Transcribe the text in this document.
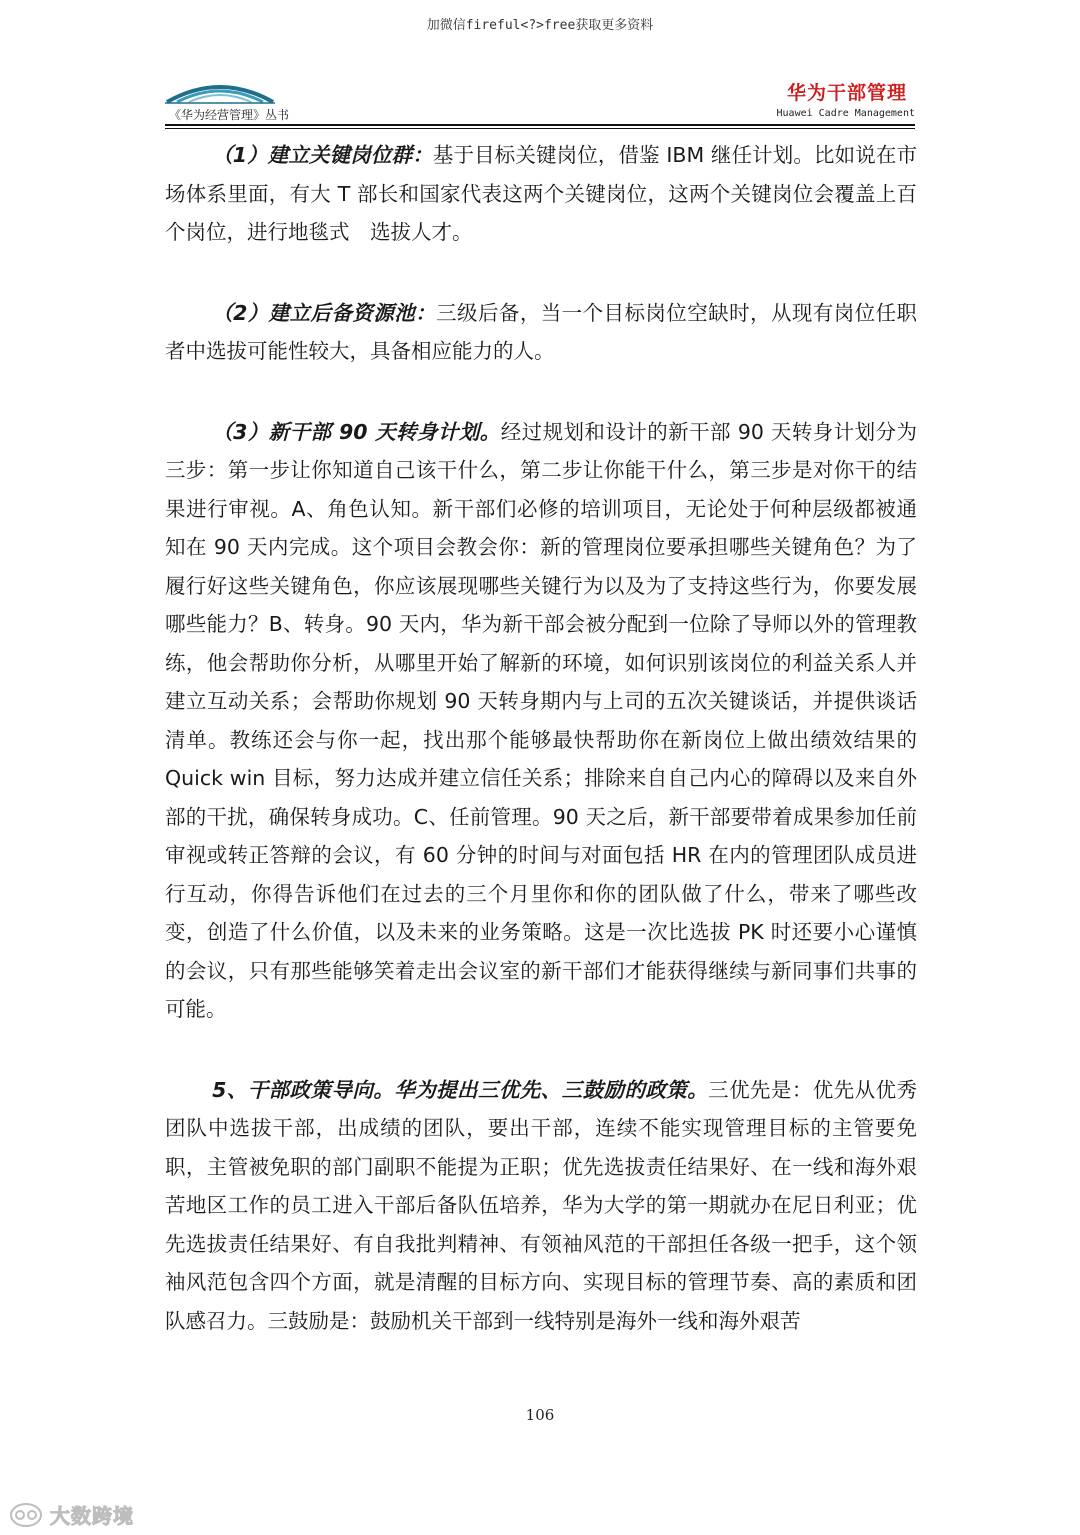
加微信fireful<?>free获取更多资料
《华为经营管理》丛书
华为干部管理
Huawei Cadre Management

（1）建立关键岗位群：基于目标关键岗位，借鉴 IBM 继任计划。比如说在市场体系里面，有大 T 部长和国家代表这两个关键岗位，这两个关键岗位会覆盖上百个岗位，进行地毯式　选拔人才。

（2）建立后备资源池：三级后备，当一个目标岗位空缺时，从现有岗位任职者中选拔可能性较大，具备相应能力的人。

（3）新干部 90 天转身计划。经过规划和设计的新干部 90 天转身计划分为三步：第一步让你知道自己该干什么，第二步让你能干什么，第三步是对你干的结果进行审视。A、角色认知。新干部们必修的培训项目，无论处于何种层级都被通知在 90 天内完成。这个项目会教会你：新的管理岗位要承担哪些关键角色？为了履行好这些关键角色，你应该展现哪些关键行为以及为了支持这些行为，你要发展哪些能力？B、转身。90 天内，华为新干部会被分配到一位除了导师以外的管理教练，他会帮助你分析，从哪里开始了解新的环境，如何识别该岗位的利益关系人并建立互动关系；会帮助你规划 90 天转身期内与上司的五次关键谈话，并提供谈话清单。教练还会与你一起，找出那个能够最快帮助你在新岗位上做出绩效结果的 Quick win 目标，努力达成并建立信任关系；排除来自自己内心的障碍以及来自外部的干扰，确保转身成功。C、任前管理。90 天之后，新干部要带着成果参加任前审视或转正答辩的会议，有 60 分钟的时间与对面包括 HR 在内的管理团队成员进行互动，你得告诉他们在过去的三个月里你和你的团队做了什么，带来了哪些改变，创造了什么价值，以及未来的业务策略。这是一次比选拔 PK 时还要小心谨慎的会议，只有那些能够笑着走出会议室的新干部们才能获得继续与新同事们共事的可能。

5、干部政策导向。华为提出三优先、三鼓励的政策。三优先是：优先从优秀团队中选拔干部，出成绩的团队，要出干部，连续不能实现管理目标的主管要免职，主管被免职的部门副职不能提为正职；优先选拔责任结果好、在一线和海外艰苦地区工作的员工进入干部后备队伍培养，华为大学的第一期就办在尼日利亚；优先选拔责任结果好、有自我批判精神、有领袖风范的干部担任各级一把手，这个领袖风范包含四个方面，就是清醒的目标方向、实现目标的管理节奏、高的素质和团队感召力。三鼓励是：鼓励机关干部到一线特别是海外一线和海外艰苦

106
大数跨境
